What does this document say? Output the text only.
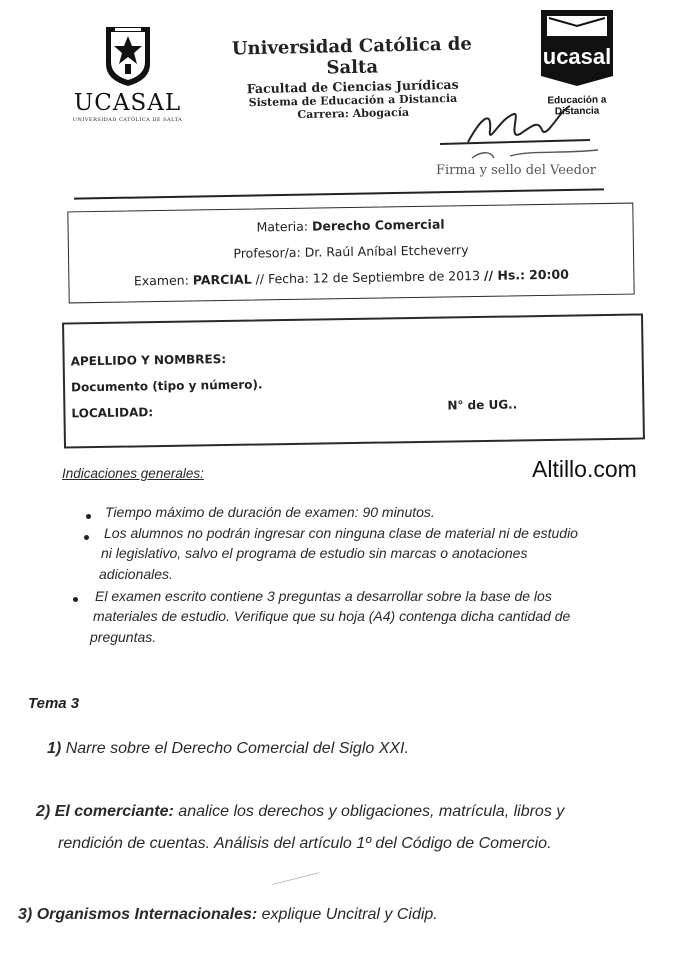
UCASAL
UNIVERSIDAD CATÓLICA DE SALTA
Universidad Católica de Salta
Facultad de Ciencias Jurídicas
Sistema de Educación a Distancia
Carrera: Abogacía
ucasal
Educación a Distancia
Firma y sello del Veedor
Materia: Derecho Comercial
Profesor/a: Dr. Raúl Aníbal Etcheverry
Examen: PARCIAL // Fecha: 12 de Septiembre de 2013 // Hs.: 20:00
APELLIDO Y NOMBRES:
Documento (tipo y número).
LOCALIDAD:
N° de UG..
Indicaciones generales:	Altillo.com
Tiempo máximo de duración de examen: 90 minutos.
Los alumnos no podrán ingresar con ninguna clase de material ni de estudio
ni legislativo, salvo el programa de estudio sin marcas o anotaciones
adicionales.
El examen escrito contiene 3 preguntas a desarrollar sobre la base de los
materiales de estudio. Verifique que su hoja (A4) contenga dicha cantidad de
preguntas.
Tema 3
1) Narre sobre el Derecho Comercial del Siglo XXI.
2) El comerciante: analice los derechos y obligaciones, matrícula, libros y
rendición de cuentas. Análisis del artículo 1º del Código de Comercio.
3) Organismos Internacionales: explique Uncitral y Cidip.
